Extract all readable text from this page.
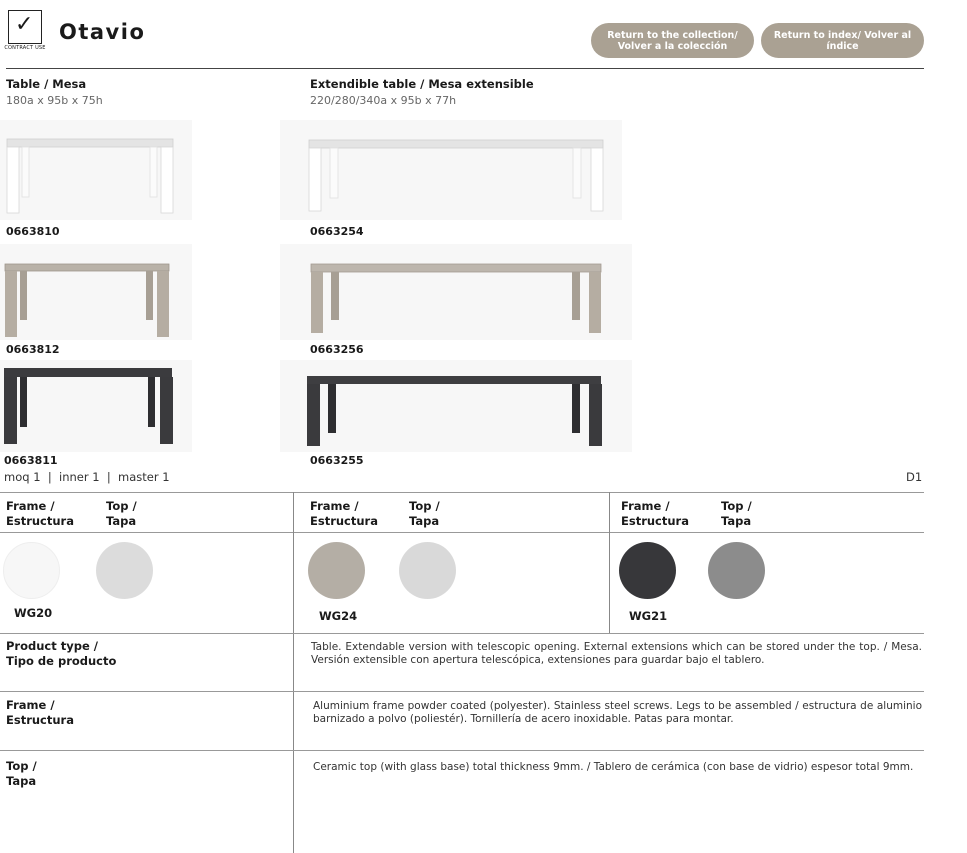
✓
CONTRACT USE
Otavio	Return to the collection/ Volver a la colección
Return to index/ Volver al índice
Table / Mesa
180a x 95b x 75h
Extendible table / Mesa extensible
220/280/340a x 95b x 77h
0663810	0663254
0663812	0663256
0663811	0663255
moq 1  |  inner 1  |  master 1	D1
Frame /
Estructura
Top /
Tapa
Frame /
Estructura
Top /
Tapa
Frame /
Estructura
Top /
Tapa
WG20	WG24	WG21
Product type /
Tipo de producto
Table. Extendable version with telescopic opening. External extensions which can be stored under the top. / Mesa. Versión extensible con apertura telescópica, extensiones para guardar bajo el tablero.
Frame /
Estructura
Aluminium frame powder coated (polyester). Stainless steel screws. Legs to be assembled / estructura de aluminio barnizado a polvo (poliestér). Tornillería de acero inoxidable. Patas para montar.
Top /
Tapa
Ceramic top (with glass base) total thickness 9mm. / Tablero de cerámica (con base de vidrio) espesor total 9mm.
